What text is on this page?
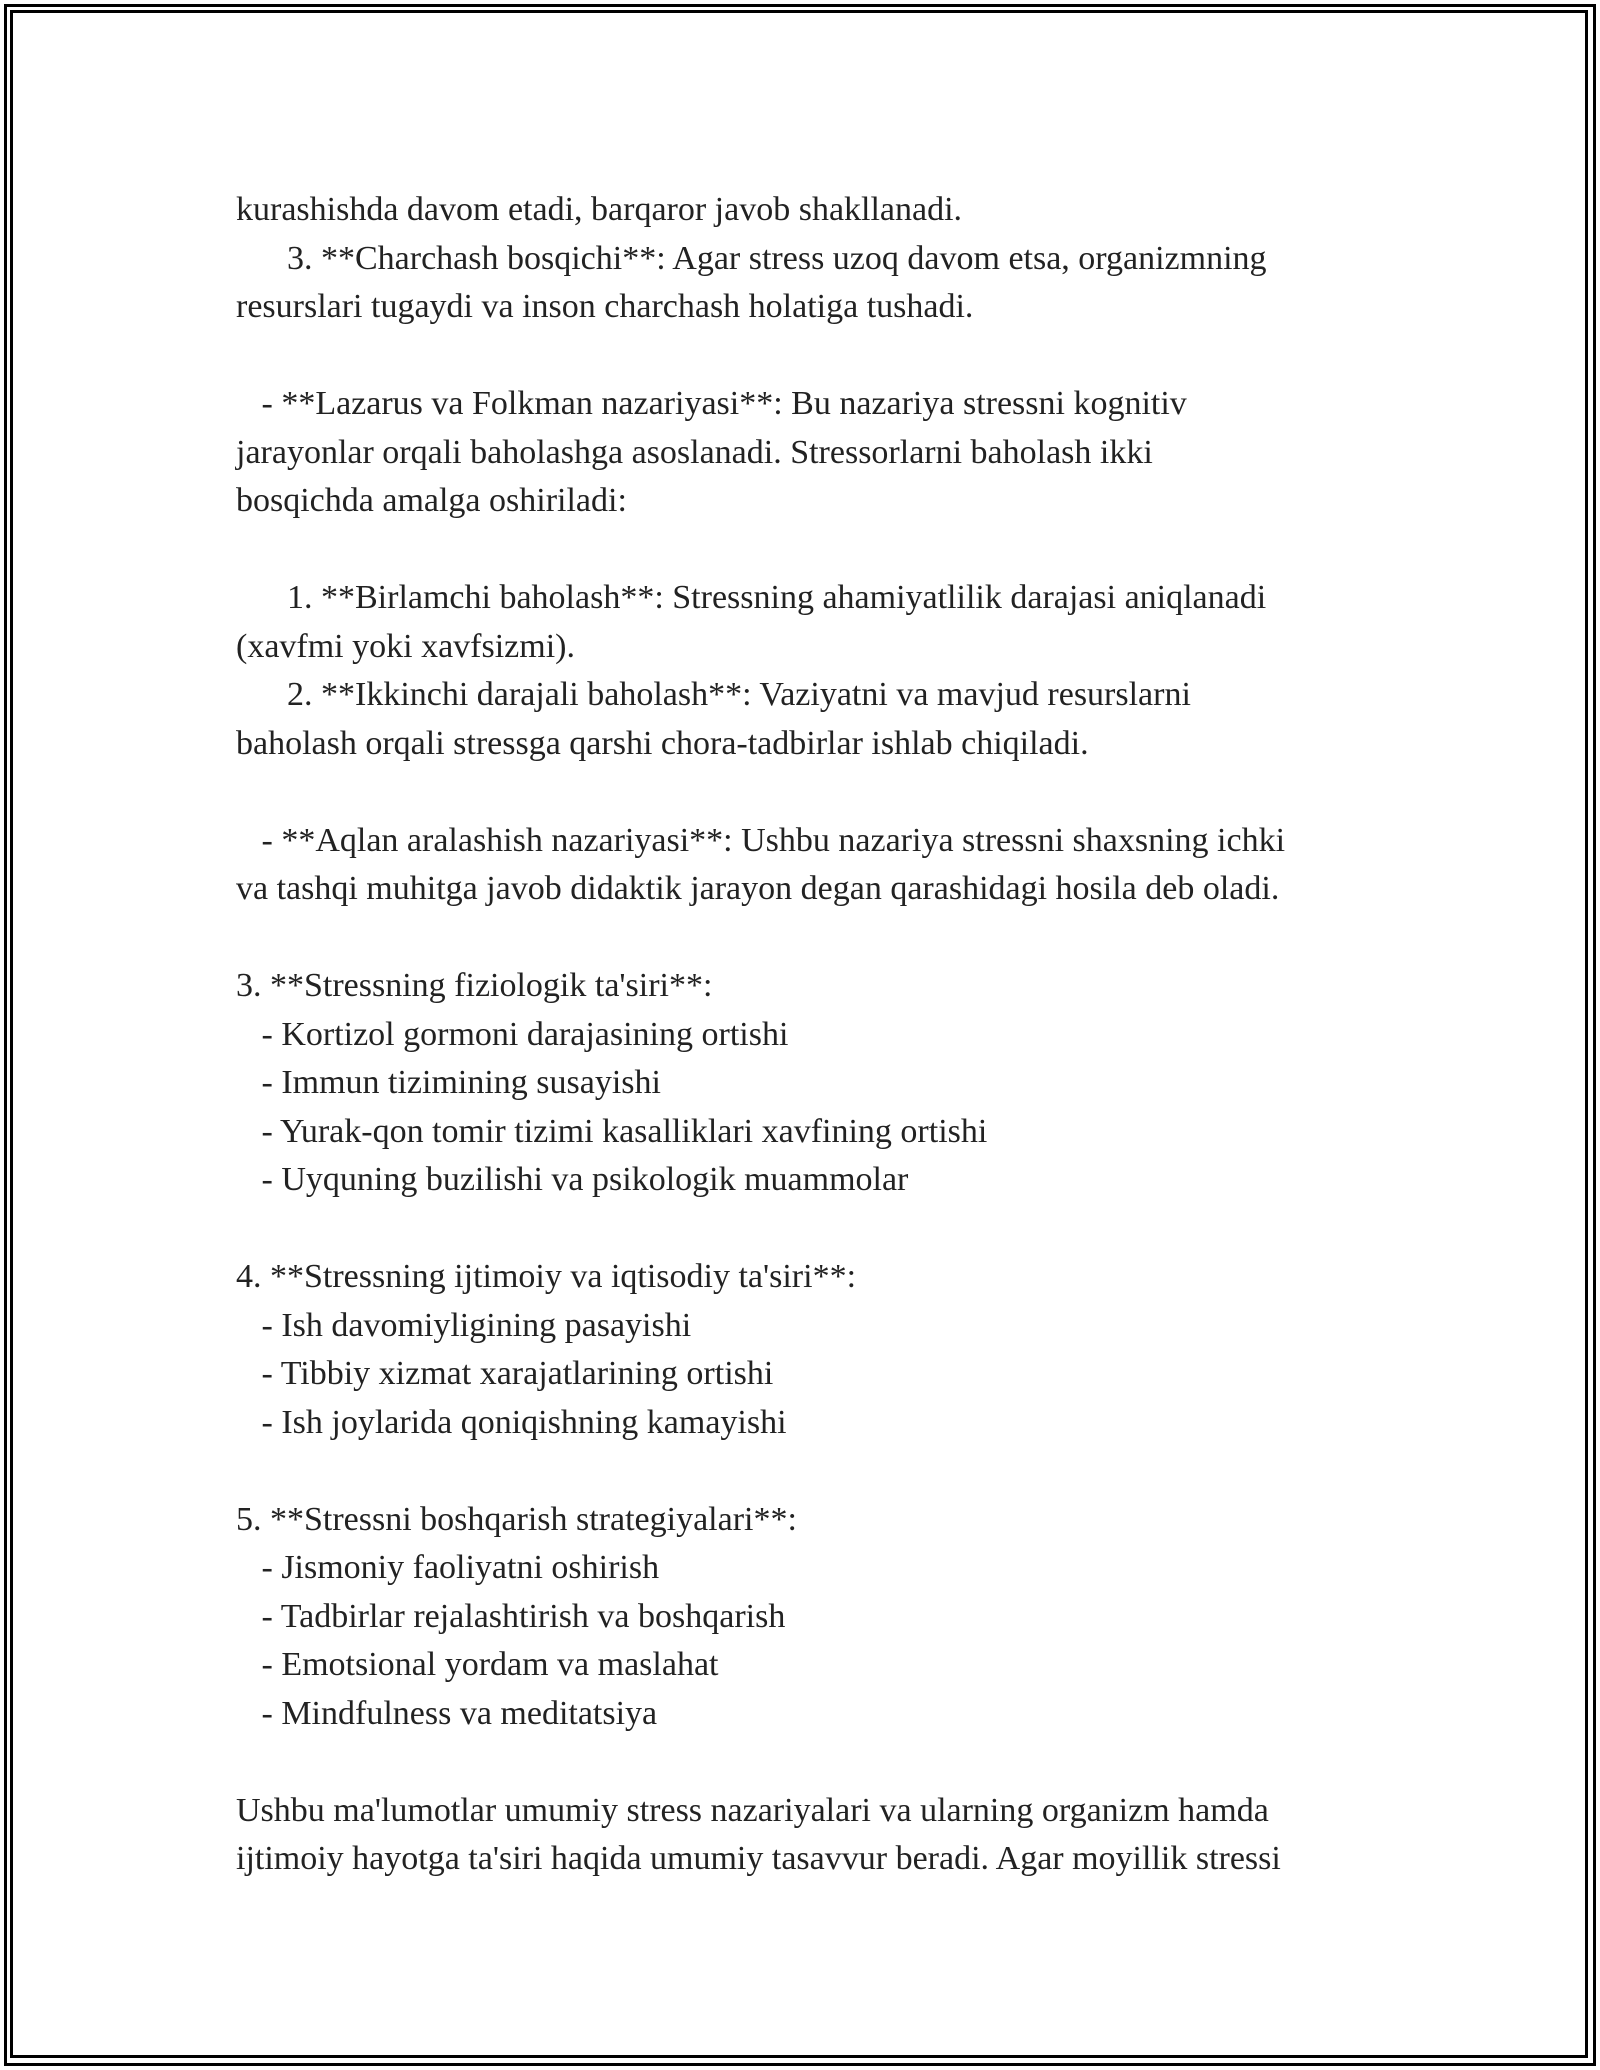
kurashishda davom etadi, barqaror javob shakllanadi.
3. **Charchash bosqichi**: Agar stress uzoq davom etsa, organizmning
resurslari tugaydi va inson charchash holatiga tushadi.
- **Lazarus va Folkman nazariyasi**: Bu nazariya stressni kognitiv
jarayonlar orqali baholashga asoslanadi. Stressorlarni baholash ikki
bosqichda amalga oshiriladi:
1. **Birlamchi baholash**: Stressning ahamiyatlilik darajasi aniqlanadi
(xavfmi yoki xavfsizmi).
2. **Ikkinchi darajali baholash**: Vaziyatni va mavjud resurslarni
baholash orqali stressga qarshi chora-tadbirlar ishlab chiqiladi.
- **Aqlan aralashish nazariyasi**: Ushbu nazariya stressni shaxsning ichki
va tashqi muhitga javob didaktik jarayon degan qarashidagi hosila deb oladi.
3. **Stressning fiziologik ta'siri**:
- Kortizol gormoni darajasining ortishi
- Immun tizimining susayishi
- Yurak-qon tomir tizimi kasalliklari xavfining ortishi
- Uyquning buzilishi va psikologik muammolar
4. **Stressning ijtimoiy va iqtisodiy ta'siri**:
- Ish davomiyligining pasayishi
- Tibbiy xizmat xarajatlarining ortishi
- Ish joylarida qoniqishning kamayishi
5. **Stressni boshqarish strategiyalari**:
- Jismoniy faoliyatni oshirish
- Tadbirlar rejalashtirish va boshqarish
- Emotsional yordam va maslahat
- Mindfulness va meditatsiya
Ushbu ma'lumotlar umumiy stress nazariyalari va ularning organizm hamda
ijtimoiy hayotga ta'siri haqida umumiy tasavvur beradi. Agar moyillik stressi
